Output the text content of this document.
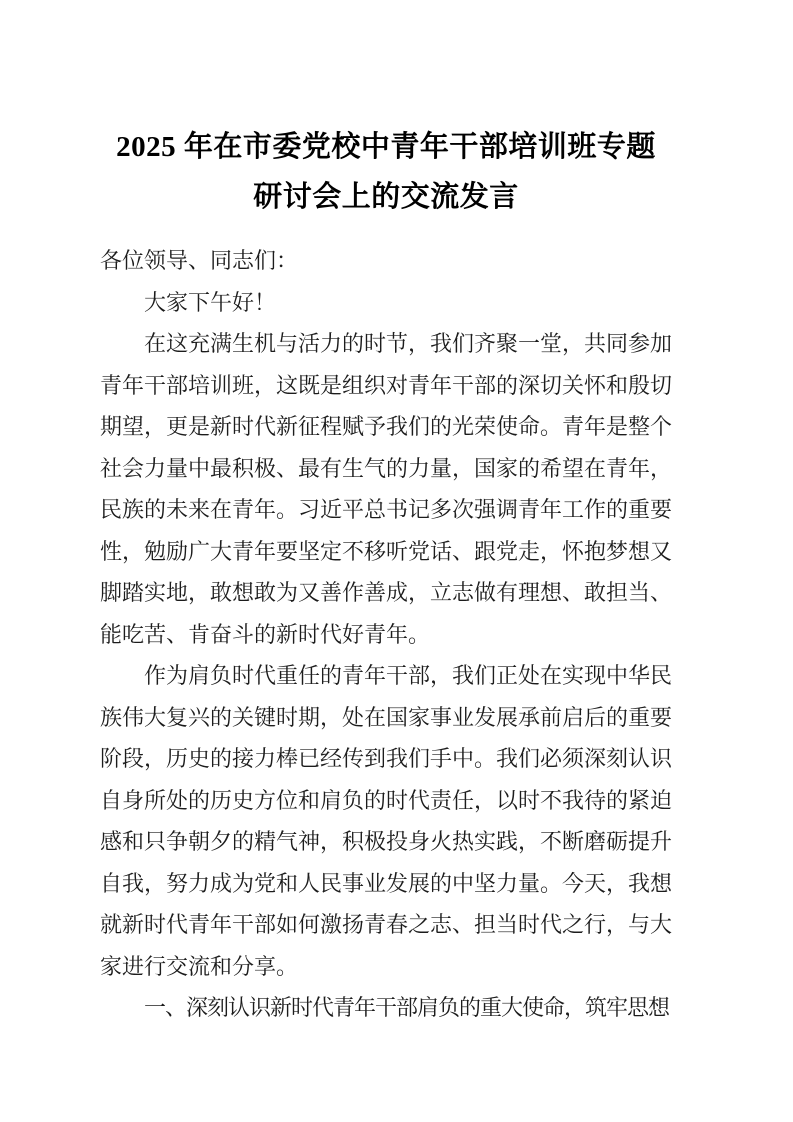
2025 年在市委党校中青年干部培训班专题
研讨会上的交流发言

各位领导、同志们：

大家下午好！

在这充满生机与活力的时节，我们齐聚一堂，共同参加青年干部培训班，这既是组织对青年干部的深切关怀和殷切期望，更是新时代新征程赋予我们的光荣使命。青年是整个社会力量中最积极、最有生气的力量，国家的希望在青年，民族的未来在青年。习近平总书记多次强调青年工作的重要性，勉励广大青年要坚定不移听党话、跟党走，怀抱梦想又脚踏实地，敢想敢为又善作善成，立志做有理想、敢担当、能吃苦、肯奋斗的新时代好青年。

作为肩负时代重任的青年干部，我们正处在实现中华民族伟大复兴的关键时期，处在国家事业发展承前启后的重要阶段，历史的接力棒已经传到我们手中。我们必须深刻认识自身所处的历史方位和肩负的时代责任，以时不我待的紧迫感和只争朝夕的精气神，积极投身火热实践，不断磨砺提升自我，努力成为党和人民事业发展的中坚力量。今天，我想就新时代青年干部如何激扬青春之志、担当时代之行，与大家进行交流和分享。

一、深刻认识新时代青年干部肩负的重大使命，筑牢思想
